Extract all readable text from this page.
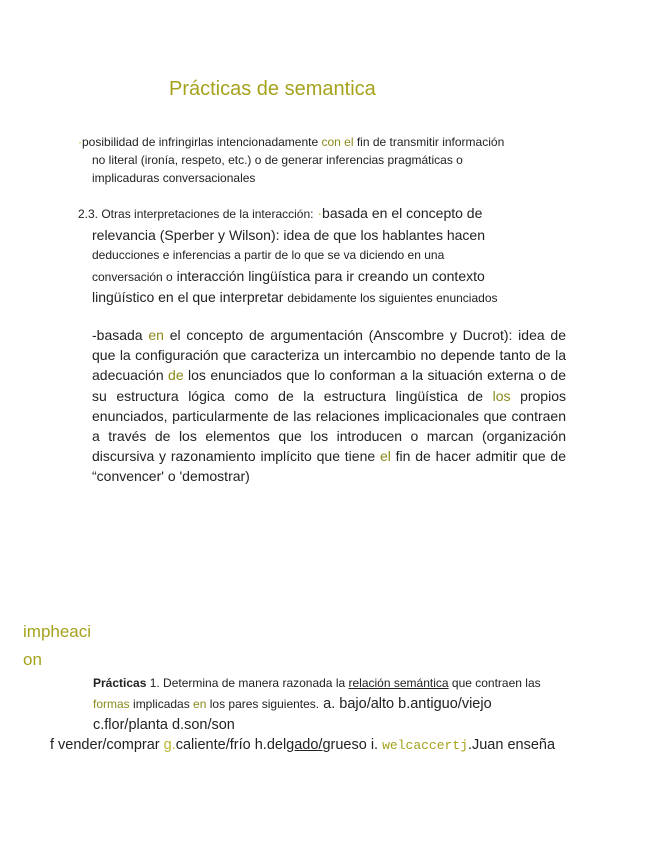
Prácticas de semantica
·posibilidad de infringirlas intencionadamente con el fin de transmitir información
no literal (ironía, respeto, etc.) o de generar inferencias pragmáticas o
implicaduras conversacionales
2.3. Otras interpretaciones de la interacción: ·basada en el concepto de
relevancia (Sperber y Wilson): idea de que los hablantes hacen
deducciones e inferencias a partir de lo que se va diciendo en una
conversación o interacción lingüística para ir creando un contexto
lingüístico en el que interpretar debidamente los siguientes enunciados
-basada en el concepto de argumentación (Anscombre y Ducrot): idea de que la configuración que caracteriza un intercambio no depende tanto de la adecuación de los enunciados que lo conforman a la situación externa o de su estructura lógica como de la estructura lingüística de los propios enunciados, particularmente de las relaciones implicacionales que contraen a través de los elementos que los introducen o marcan (organización discursiva y razonamiento implícito que tiene el fin de hacer admitir que de “convencer' o 'demostrar)
impheaci
on
Prácticas 1. Determina de manera razonada la relación semántica que contraen las
formas implicadas en los pares siguientes. a. bajo/alto b.antiguo/viejo
c.flor/planta d.son/son
f vender/comprar g.caliente/frío h.delgado/grueso i. welcaccertj.Juan enseña
